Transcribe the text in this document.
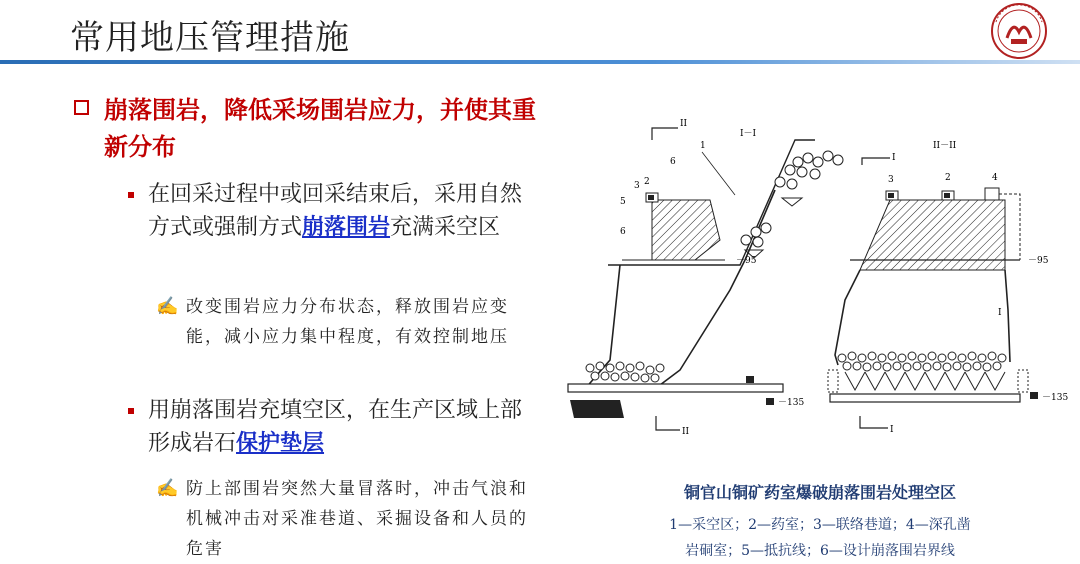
常用地压管理措施
崩落围岩，降低采场围岩应力，并使其重新分布
在回采过程中或回采结束后，采用自然方式或强制方式崩落围岩充满采空区
✍ 改变围岩应力分布状态，释放围岩应变能，减小应力集中程度，有效控制地压
用崩落围岩充填空区，在生产区域上部形成岩石保护垫层
✍ 防上部围岩突然大量冒落时，冲击气浪和机械冲击对采准巷道、采掘设备和人员的危害
II
I－I
－95
－135
II
3 2
6
5
6
1	II－II
I
－95
－135
I
4
2
3
I
铜官山铜矿药室爆破崩落围岩处理空区
1—采空区；2—药室；3—联络巷道；4—深孔凿
岩硐室；5—抵抗线；6—设计崩落围岩界线
